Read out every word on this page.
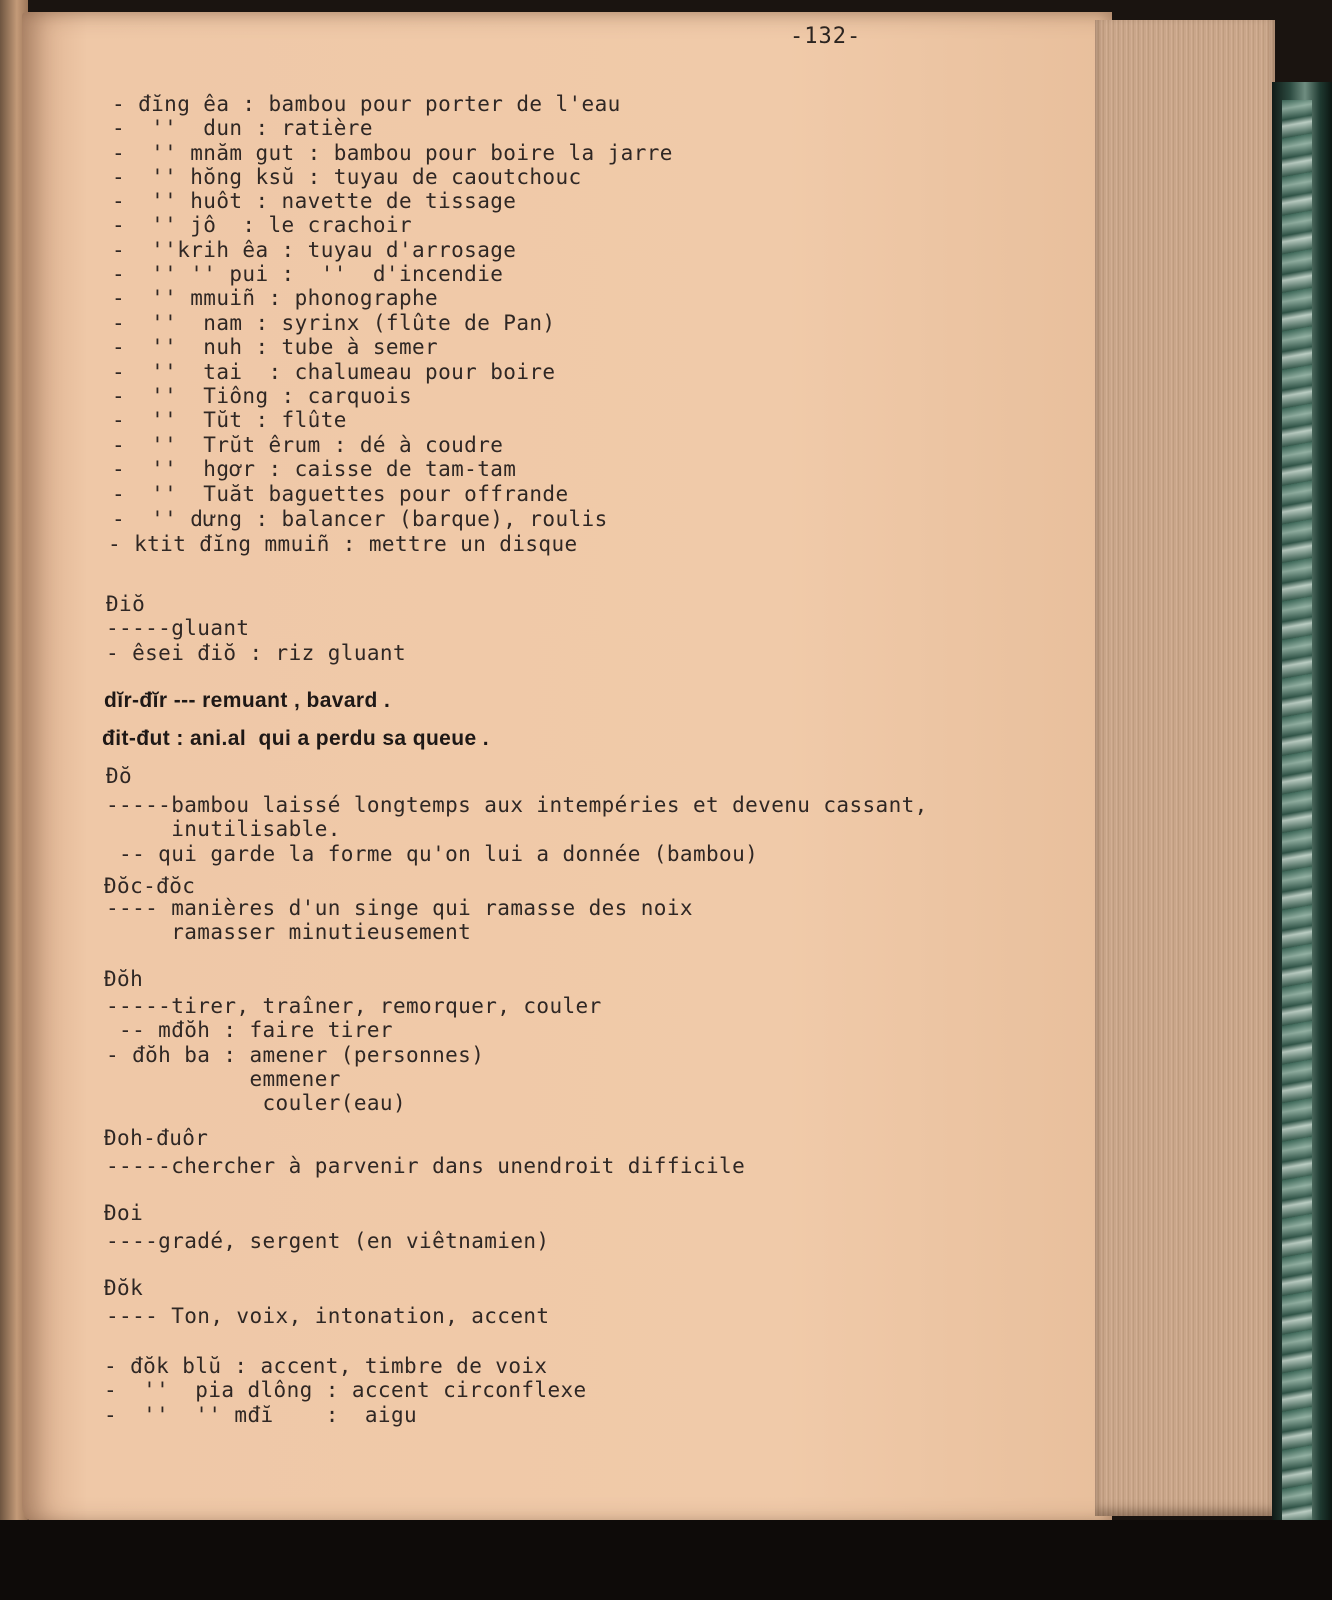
-132-
- đĭng êa : bambou pour porter de l'eau
-  ''  dun : ratière
-  '' mnăm gut : bambou pour boire la jarre
-  '' hŏng ksŭ : tuyau de caoutchouc
-  '' huôt : navette de tissage
-  '' jô  : le crachoir
-  ''krih êa : tuyau d'arrosage
-  '' '' pui :  ''  d'incendie
-  '' mmuiñ : phonographe
-  ''  nam : syrinx (flûte de Pan)
-  ''  nuh : tube à semer
-  ''  tai  : chalumeau pour boire
-  ''  Tiông : carquois
-  ''  Tŭt : flûte
-  ''  Trŭt êrum : dé à coudre
-  ''  hgơr : caisse de tam-tam
-  ''  Tuăt baguettes pour offrande
-  '' dưng : balancer (barque), roulis
- ktit đĭng mmuiñ : mettre un disque
Điŏ
-----gluant
- êsei điŏ : riz gluant
dĭr-đĭr --- remuant , bavard .
đit-đut : ani.al  qui a perdu sa queue .
Đŏ
-----bambou laissé longtemps aux intempéries et devenu cassant,
inutilisable.
-- qui garde la forme qu'on lui a donnée (bambou)
Đŏc-đŏc
---- manières d'un singe qui ramasse des noix
ramasser minutieusement
Đŏh
-----tirer, traîner, remorquer, couler
-- mđŏh : faire tirer
- đŏh ba : amener (personnes)
emmener
couler(eau)
Đoh-đuôr
-----chercher à parvenir dans unendroit difficile
Đoi
----gradé, sergent (en viêtnamien)
Đŏk
---- Ton, voix, intonation, accent
- đŏk blŭ : accent, timbre de voix
-  ''  pia dlông : accent circonflexe
-  ''  '' mđĭ    :  aigu
